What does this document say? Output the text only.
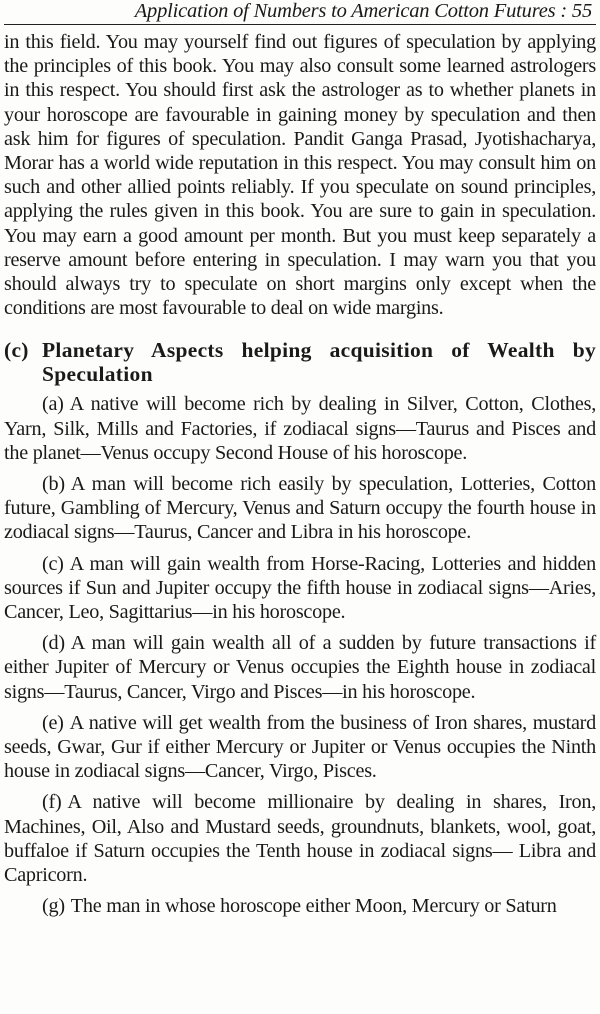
Application of Numbers to American Cotton Futures : 55

in this field. You may yourself find out figures of speculation by applying the principles of this book. You may also consult some learned astrologers in this respect. You should first ask the astrologer as to whether planets in your horoscope are favourable in gaining money by speculation and then ask him for figures of speculation. Pandit Ganga Prasad, Jyotishacharya, Morar has a world wide reputation in this respect. You may consult him on such and other allied points reliably. If you speculate on sound principles, applying the rules given in this book. You are sure to gain in speculation. You may earn a good amount per month. But you must keep separately a reserve amount before entering in speculation. I may warn you that you should always try to speculate on short margins only except when the conditions are most favourable to deal on wide margins.

(c) Planetary Aspects helping acquisition of Wealth by Speculation

(a) A native will become rich by dealing in Silver, Cotton, Clothes, Yarn, Silk, Mills and Factories, if zodiacal signs—Taurus and Pisces and the planet—Venus occupy Second House of his horoscope.

(b) A man will become rich easily by speculation, Lotteries, Cotton future, Gambling of Mercury, Venus and Saturn occupy the fourth house in zodiacal signs—Taurus, Cancer and Libra in his horoscope.

(c) A man will gain wealth from Horse-Racing, Lotteries and hidden sources if Sun and Jupiter occupy the fifth house in zodiacal signs—Aries, Cancer, Leo, Sagittarius—in his horoscope.

(d) A man will gain wealth all of a sudden by future transactions if either Jupiter of Mercury or Venus occupies the Eighth house in zodiacal signs—Taurus, Cancer, Virgo and Pisces—in his horoscope.

(e) A native will get wealth from the business of Iron shares, mustard seeds, Gwar, Gur if either Mercury or Jupiter or Venus occupies the Ninth house in zodiacal signs—Cancer, Virgo, Pisces.

(f) A native will become millionaire by dealing in shares, Iron, Machines, Oil, Also and Mustard seeds, groundnuts, blankets, wool, goat, buffaloe if Saturn occupies the Tenth house in zodiacal signs— Libra and Capricorn.

(g) The man in whose horoscope either Moon, Mercury or Saturn
